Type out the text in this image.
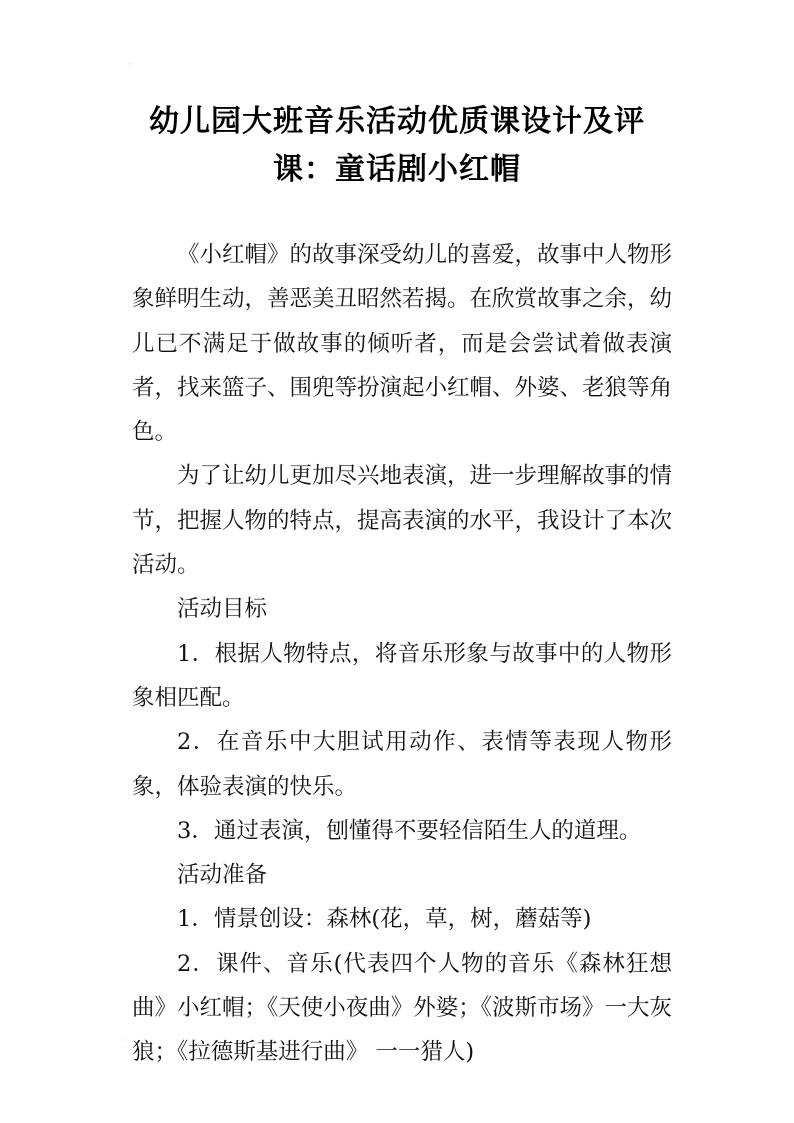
·
幼儿园大班音乐活动优质课设计及评
课：童话剧小红帽

《小红帽》的故事深受幼儿的喜爱，故事中人物形象鲜明生动，善恶美丑昭然若揭。在欣赏故事之余，幼儿已不满足于做故事的倾听者，而是会尝试着做表演者，找来篮子、围兜等扮演起小红帽、外婆、老狼等角色。

为了让幼儿更加尽兴地表演，进一步理解故事的情节，把握人物的特点，提高表演的水平，我设计了本次活动。

活动目标

1．根据人物特点，将音乐形象与故事中的人物形象相匹配。

2．在音乐中大胆试用动作、表情等表现人物形象，体验表演的快乐。

3．通过表演，刨懂得不要轻信陌生人的道理。

活动准备

1．情景创设：森林(花，草，树，蘑菇等)

2．课件、音乐(代表四个人物的音乐《森林狂想曲》小红帽；《天使小夜曲》外婆；《波斯市场》一大灰狼；《拉德斯基进行曲》 一一猎人)

·
